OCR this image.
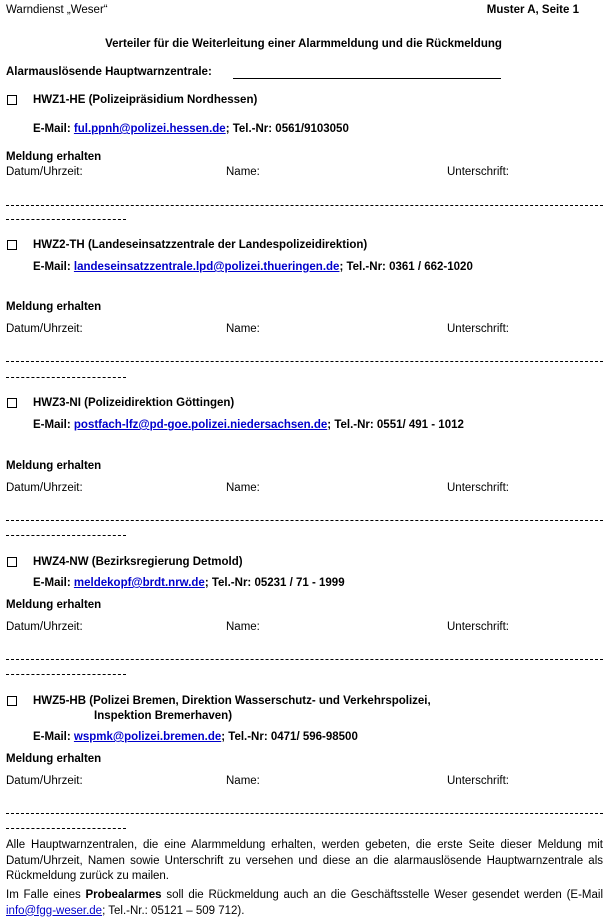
Warndienst „Weser“	Muster A, Seite 1
Verteiler für die Weiterleitung einer Alarmmeldung und die Rückmeldung
Alarmauslösende Hauptwarnzentrale:
HWZ1-HE (Polizeipräsidium Nordhessen)
E-Mail: ful.ppnh@polizei.hessen.de; Tel.-Nr: 0561/9103050
Meldung erhalten
Datum/Uhrzeit:	Name:	Unterschrift:
HWZ2-TH (Landeseinsatzzentrale der Landespolizeidirektion)
E-Mail: landeseinsatzzentrale.lpd@polizei.thueringen.de; Tel.-Nr: 0361 / 662-1020
Meldung erhalten
Datum/Uhrzeit:	Name:	Unterschrift:
HWZ3-NI (Polizeidirektion Göttingen)
E-Mail: postfach-lfz@pd-goe.polizei.niedersachsen.de; Tel.-Nr: 0551/ 491 - 1012
Meldung erhalten
Datum/Uhrzeit:	Name:	Unterschrift:
HWZ4-NW (Bezirksregierung Detmold)
E-Mail: meldekopf@brdt.nrw.de; Tel.-Nr: 05231 / 71 - 1999
Meldung erhalten
Datum/Uhrzeit:	Name:	Unterschrift:
HWZ5-HB (Polizei Bremen, Direktion Wasserschutz- und Verkehrspolizei,
Inspektion Bremerhaven)
E-Mail: wspmk@polizei.bremen.de; Tel.-Nr: 0471/ 596-98500
Meldung erhalten
Datum/Uhrzeit:	Name:	Unterschrift:
Alle Hauptwarnzentralen, die eine Alarmmeldung erhalten, werden gebeten, die erste Seite dieser Meldung mit Datum/Uhrzeit, Namen sowie Unterschrift zu versehen und diese an die alarmauslösende Hauptwarnzentrale als Rückmeldung zurück zu mailen.
Im Falle eines Probealarmes soll die Rückmeldung auch an die Geschäftsstelle Weser gesendet werden (E-Mail info@fgg-weser.de; Tel.-Nr.: 05121 – 509 712).
